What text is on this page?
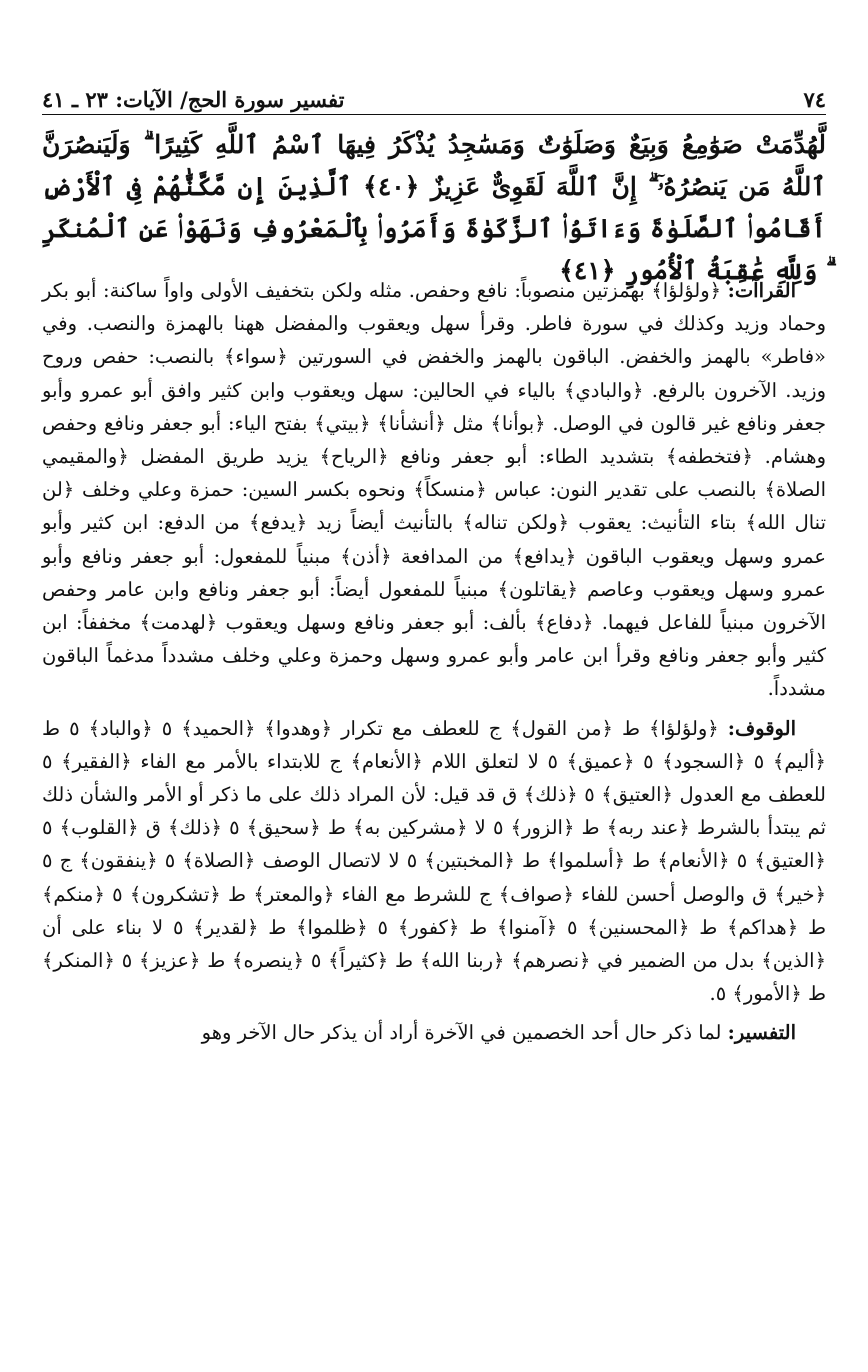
٧٤
تفسير سورة الحج/ الآيات: ٢٣ ـ ٤١

لَّهُدِّمَتْ صَوَٰمِعُ وَبِيَعٌ وَصَلَوَٰتٌ وَمَسَٰجِدُ يُذْكَرُ فِيهَا ٱسْمُ ٱللَّهِ كَثِيرًا ۗ وَلَيَنصُرَنَّ ٱللَّهُ مَن يَنصُرُهُۥٓ ۗ إِنَّ ٱللَّهَ لَقَوِىٌّ عَزِيزٌ ﴿٤٠﴾ ٱلَّذِينَ إِن مَّكَّنَّٰهُمْ فِى ٱلْأَرْضِ أَقَامُوا۟ ٱلصَّلَوٰةَ وَءَاتَوُا۟ ٱلزَّكَوٰةَ وَأَمَرُوا۟ بِٱلْمَعْرُوفِ وَنَهَوْا۟ عَنِ ٱلْمُنكَرِ ۗ وَلِلَّهِ عَٰقِبَةُ ٱلْأُمُورِ ﴿٤١﴾

القراآت: ﴿ولؤلؤا﴾ بهمزتين منصوباً: نافع وحفص. مثله ولكن بتخفيف الأولى واواً ساكنة: أبو بكر وحماد وزيد وكذلك في سورة فاطر. وقرأ سهل ويعقوب والمفضل ههنا بالهمزة والنصب. وفي «فاطر» بالهمز والخفض. الباقون بالهمز والخفض في السورتين ﴿سواء﴾ بالنصب: حفص وروح وزيد. الآخرون بالرفع. ﴿والبادي﴾ بالياء في الحالين: سهل ويعقوب وابن كثير وافق أبو عمرو وأبو جعفر ونافع غير قالون في الوصل. ﴿بوأنا﴾ مثل ﴿أنشأنا﴾ ﴿بيتي﴾ بفتح الياء: أبو جعفر ونافع وحفص وهشام. ﴿فتخطفه﴾ بتشديد الطاء: أبو جعفر ونافع ﴿الرياح﴾ يزيد طريق المفضل ﴿والمقيمي الصلاة﴾ بالنصب على تقدير النون: عباس ﴿منسكاً﴾ ونحوه بكسر السين: حمزة وعلي وخلف ﴿لن تنال الله﴾ بتاء التأنيث: يعقوب ﴿ولكن تناله﴾ بالتأنيث أيضاً زيد ﴿يدفع﴾ من الدفع: ابن كثير وأبو عمرو وسهل ويعقوب الباقون ﴿يدافع﴾ من المدافعة ﴿أذن﴾ مبنياً للمفعول: أبو جعفر ونافع وأبو عمرو وسهل ويعقوب وعاصم ﴿يقاتلون﴾ مبنياً للمفعول أيضاً: أبو جعفر ونافع وابن عامر وحفص الآخرون مبنياً للفاعل فيهما. ﴿دفاع﴾ بألف: أبو جعفر ونافع وسهل ويعقوب ﴿لهدمت﴾ مخففاً: ابن كثير وأبو جعفر ونافع وقرأ ابن عامر وأبو عمرو وسهل وحمزة وعلي وخلف مشدداً مدغماً الباقون مشدداً.

الوقوف: ﴿ولؤلؤا﴾ ط ﴿من القول﴾ ج للعطف مع تكرار ﴿وهدوا﴾ ﴿الحميد﴾ ٥ ﴿والباد﴾ ٥ ط ﴿أليم﴾ ٥ ﴿السجود﴾ ٥ ﴿عميق﴾ ٥ لا لتعلق اللام ﴿الأنعام﴾ ج للابتداء بالأمر مع الفاء ﴿الفقير﴾ ٥ للعطف مع العدول ﴿العتيق﴾ ٥ ﴿ذلك﴾ ق قد قيل: لأن المراد ذلك على ما ذكر أو الأمر والشأن ذلك ثم يبتدأ بالشرط ﴿عند ربه﴾ ط ﴿الزور﴾ ٥ لا ﴿مشركين به﴾ ط ﴿سحيق﴾ ٥ ﴿ذلك﴾ ق ﴿القلوب﴾ ٥ ﴿العتيق﴾ ٥ ﴿الأنعام﴾ ط ﴿أسلموا﴾ ط ﴿المخبتين﴾ ٥ لا لاتصال الوصف ﴿الصلاة﴾ ٥ ﴿ينفقون﴾ ج ٥ ﴿خير﴾ ق والوصل أحسن للفاء ﴿صواف﴾ ج للشرط مع الفاء ﴿والمعتر﴾ ط ﴿تشكرون﴾ ٥ ﴿منكم﴾ ط ﴿هداكم﴾ ط ﴿المحسنين﴾ ٥ ﴿آمنوا﴾ ط ﴿كفور﴾ ٥ ﴿ظلموا﴾ ط ﴿لقدير﴾ ٥ لا بناء على أن ﴿الذين﴾ بدل من الضمير في ﴿نصرهم﴾ ﴿ربنا الله﴾ ط ﴿كثيراً﴾ ٥ ﴿ينصره﴾ ط ﴿عزيز﴾ ٥ ﴿المنكر﴾ ط ﴿الأمور﴾ ٥.

التفسير: لما ذكر حال أحد الخصمين في الآخرة أراد أن يذكر حال الآخر وهو
